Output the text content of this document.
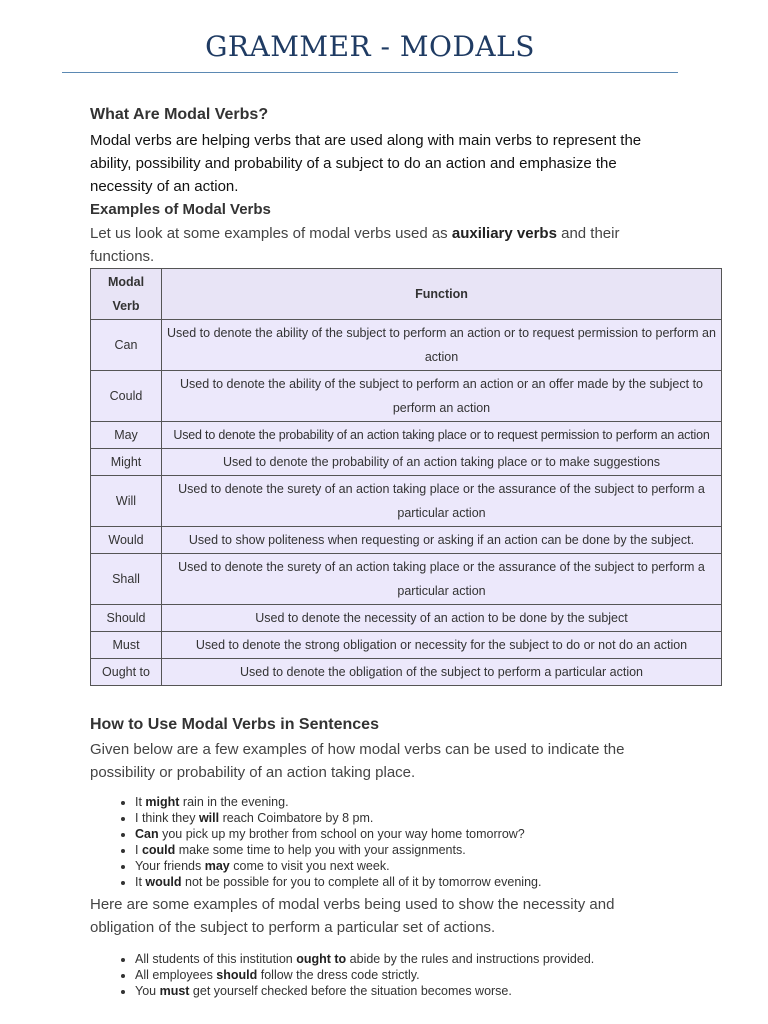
GRAMMER - MODALS

What Are Modal Verbs?

Modal verbs are helping verbs that are used along with main verbs to represent the ability, possibility and probability of a subject to do an action and emphasize the necessity of an action.

Examples of Modal Verbs

Let us look at some examples of modal verbs used as auxiliary verbs and their functions.

Modal Verb	Function
Can	Used to denote the ability of the subject to perform an action or to request permission to perform an action
Could	Used to denote the ability of the subject to perform an action or an offer made by the subject to perform an action
May	Used to denote the probability of an action taking place or to request permission to perform an action
Might	Used to denote the probability of an action taking place or to make suggestions
Will	Used to denote the surety of an action taking place or the assurance of the subject to perform a particular action
Would	Used to show politeness when requesting or asking if an action can be done by the subject.
Shall	Used to denote the surety of an action taking place or the assurance of the subject to perform a particular action
Should	Used to denote the necessity of an action to be done by the subject
Must	Used to denote the strong obligation or necessity for the subject to do or not do an action
Ought to	Used to denote the obligation of the subject to perform a particular action

How to Use Modal Verbs in Sentences

Given below are a few examples of how modal verbs can be used to indicate the possibility or probability of an action taking place.

• It might rain in the evening.
• I think they will reach Coimbatore by 8 pm.
• Can you pick up my brother from school on your way home tomorrow?
• I could make some time to help you with your assignments.
• Your friends may come to visit you next week.
• It would not be possible for you to complete all of it by tomorrow evening.

Here are some examples of modal verbs being used to show the necessity and obligation of the subject to perform a particular set of actions.

• All students of this institution ought to abide by the rules and instructions provided.
• All employees should follow the dress code strictly.
• You must get yourself checked before the situation becomes worse.
